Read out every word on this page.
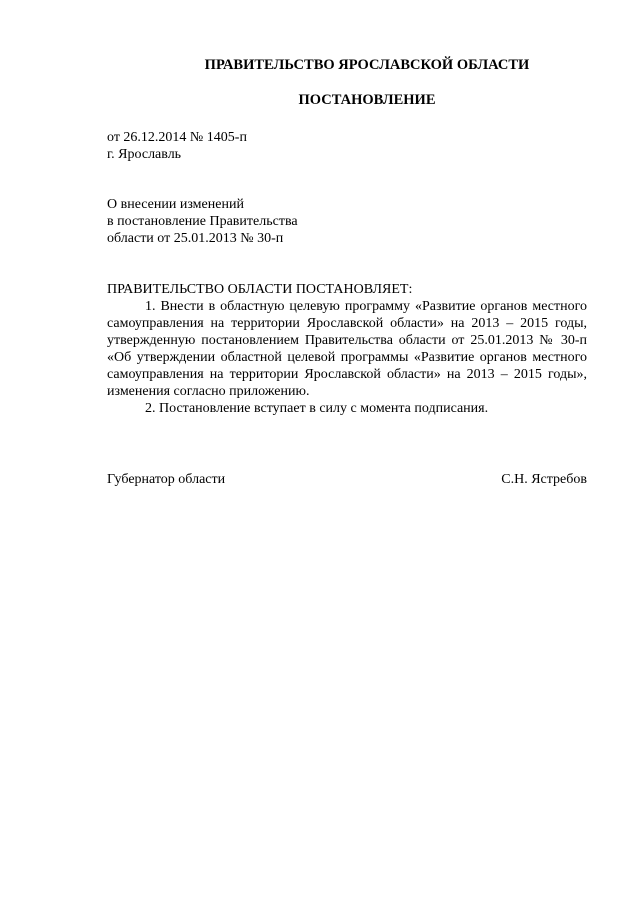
ПРАВИТЕЛЬСТВО ЯРОСЛАВСКОЙ ОБЛАСТИ
ПОСТАНОВЛЕНИЕ
от 26.12.2014 № 1405-п
г. Ярославль
О внесении изменений
в постановление Правительства
области от 25.01.2013 № 30-п
ПРАВИТЕЛЬСТВО ОБЛАСТИ ПОСТАНОВЛЯЕТ:

1. Внести в областную целевую программу «Развитие органов местного самоуправления на территории Ярославской области» на 2013 – 2015 годы, утвержденную постановлением Правительства области от 25.01.2013 № 30-п «Об утверждении областной целевой программы «Развитие органов местного самоуправления на территории Ярославской области» на 2013 – 2015 годы», изменения согласно приложению.

2. Постановление вступает в силу с момента подписания.

Губернатор области	С.Н. Ястребов
